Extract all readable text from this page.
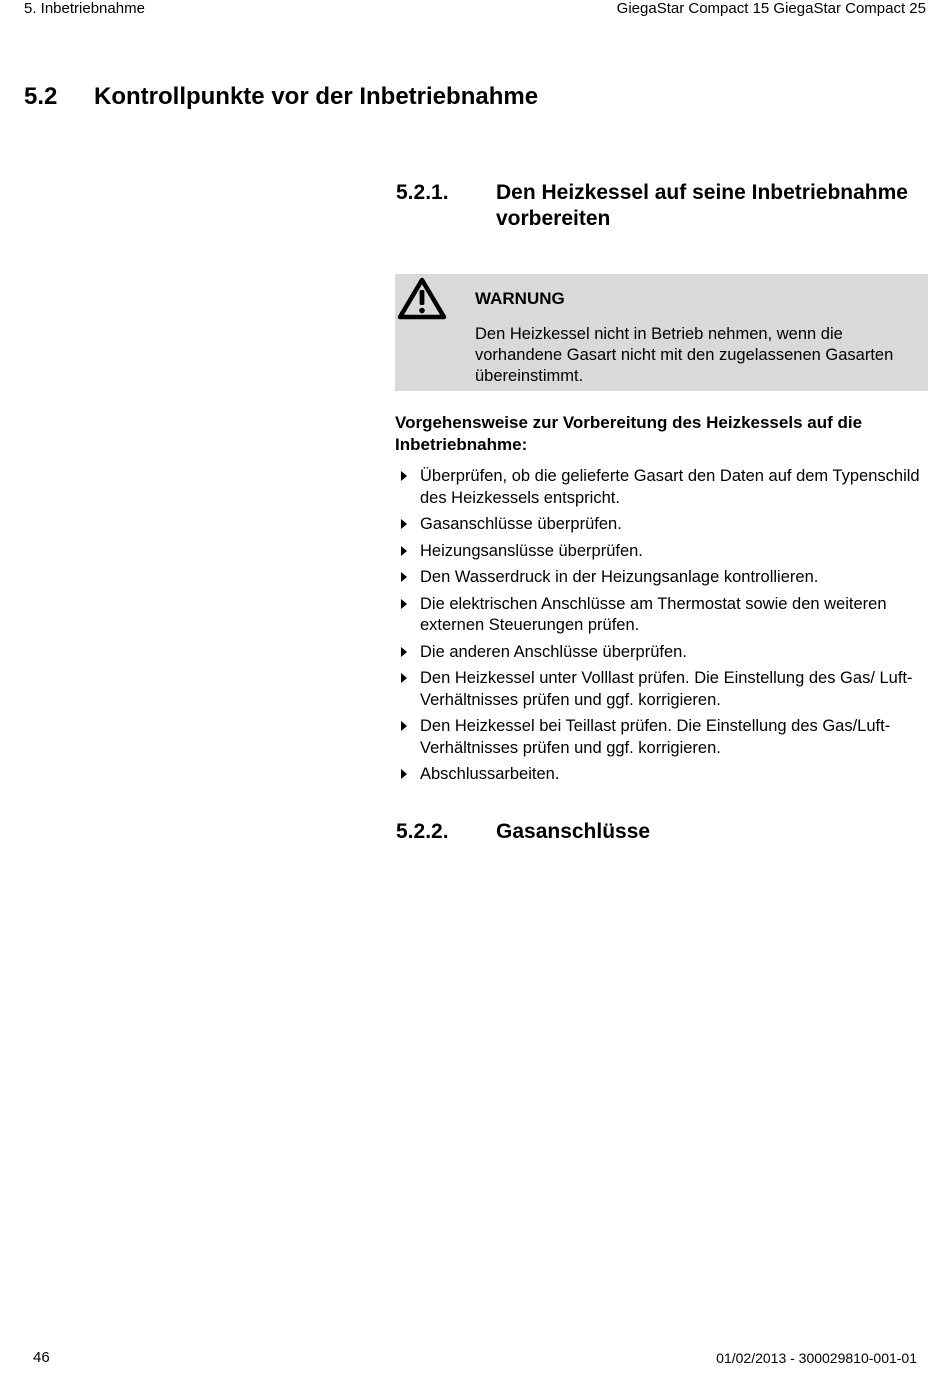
5. Inbetriebnahme	GiegaStar Compact 15 GiegaStar Compact 25
5.2 Kontrollpunkte vor der Inbetriebnahme
5.2.1. Den Heizkessel auf seine Inbetriebnahme vorbereiten
WARNUNG
Den Heizkessel nicht in Betrieb nehmen, wenn die vorhandene Gasart nicht mit den zugelassenen Gasarten übereinstimmt.
Vorgehensweise zur Vorbereitung des Heizkessels auf die Inbetriebnahme:
Überprüfen, ob die gelieferte Gasart den Daten auf dem Typenschild des Heizkessels entspricht.
Gasanschlüsse überprüfen.
Heizungsanslüsse überprüfen.
Den Wasserdruck in der Heizungsanlage kontrollieren.
Die elektrischen Anschlüsse am Thermostat sowie den weiteren externen Steuerungen prüfen.
Die anderen Anschlüsse überprüfen.
Den Heizkessel unter Volllast prüfen. Die Einstellung des Gas/ Luft-Verhältnisses prüfen und ggf. korrigieren.
Den Heizkessel bei Teillast prüfen. Die Einstellung des Gas/Luft-Verhältnisses prüfen und ggf. korrigieren.
Abschlussarbeiten.
5.2.2. Gasanschlüsse
46	01/02/2013 - 300029810-001-01
